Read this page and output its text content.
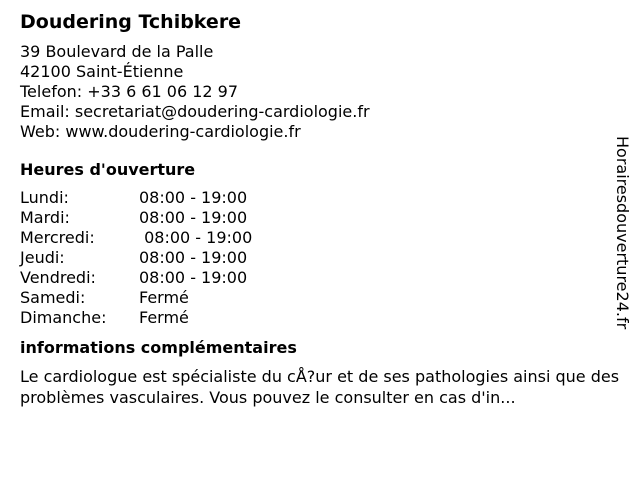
Doudering Tchibkere
39 Boulevard de la Palle
42100 Saint-Étienne
Telefon: +33 6 61 06 12 97
Email: secretariat@doudering-cardiologie.fr
Web: www.doudering-cardiologie.fr
Heures d'ouverture
Lundi:	08:00 - 19:00
Mardi:	08:00 - 19:00
Mercredi:	08:00 - 19:00
Jeudi:	08:00 - 19:00
Vendredi:	08:00 - 19:00
Samedi:	Fermé
Dimanche:	Fermé
informations complémentaires
Le cardiologue est spécialiste du cÅ?ur et de ses pathologies ainsi que des problèmes vasculaires. Vous pouvez le consulter en cas d'in...
Horairesdouverture24.fr
